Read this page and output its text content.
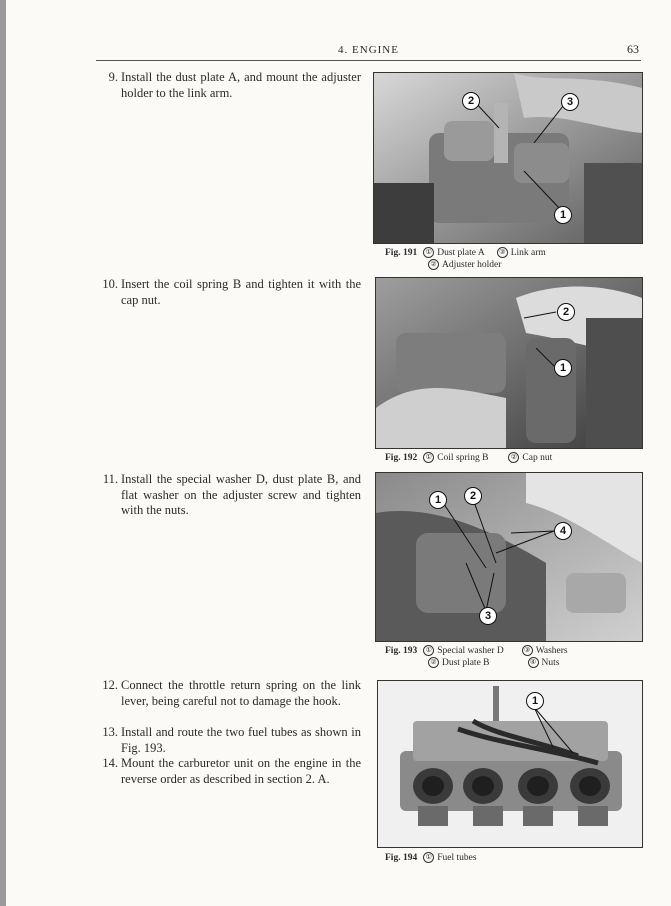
4. ENGINE	63
9. Install the dust plate A, and mount the adjuster holder to the link arm.
10. Insert the coil spring B and tighten it with the cap nut.
11. Install the special washer D, dust plate B, and flat washer on the adjuster screw and tighten with the nuts.
12. Connect the throttle return spring on the link lever, being careful not to damage the hook.
13. Install and route the two fuel tubes as shown in Fig. 193.
14. Mount the carburetor unit on the engine in the reverse order as described in section 2. A.
2	3
1
Fig. 191 ① Dust plate A ③ Link arm
② Adjuster holder
2
1
Fig. 192 ① Coil spring B	② Cap nut
1	2
4
3
Fig. 193 ① Special washer D	③ Washers
② Dust plate B	④ Nuts
1
Fig. 194 ① Fuel tubes
